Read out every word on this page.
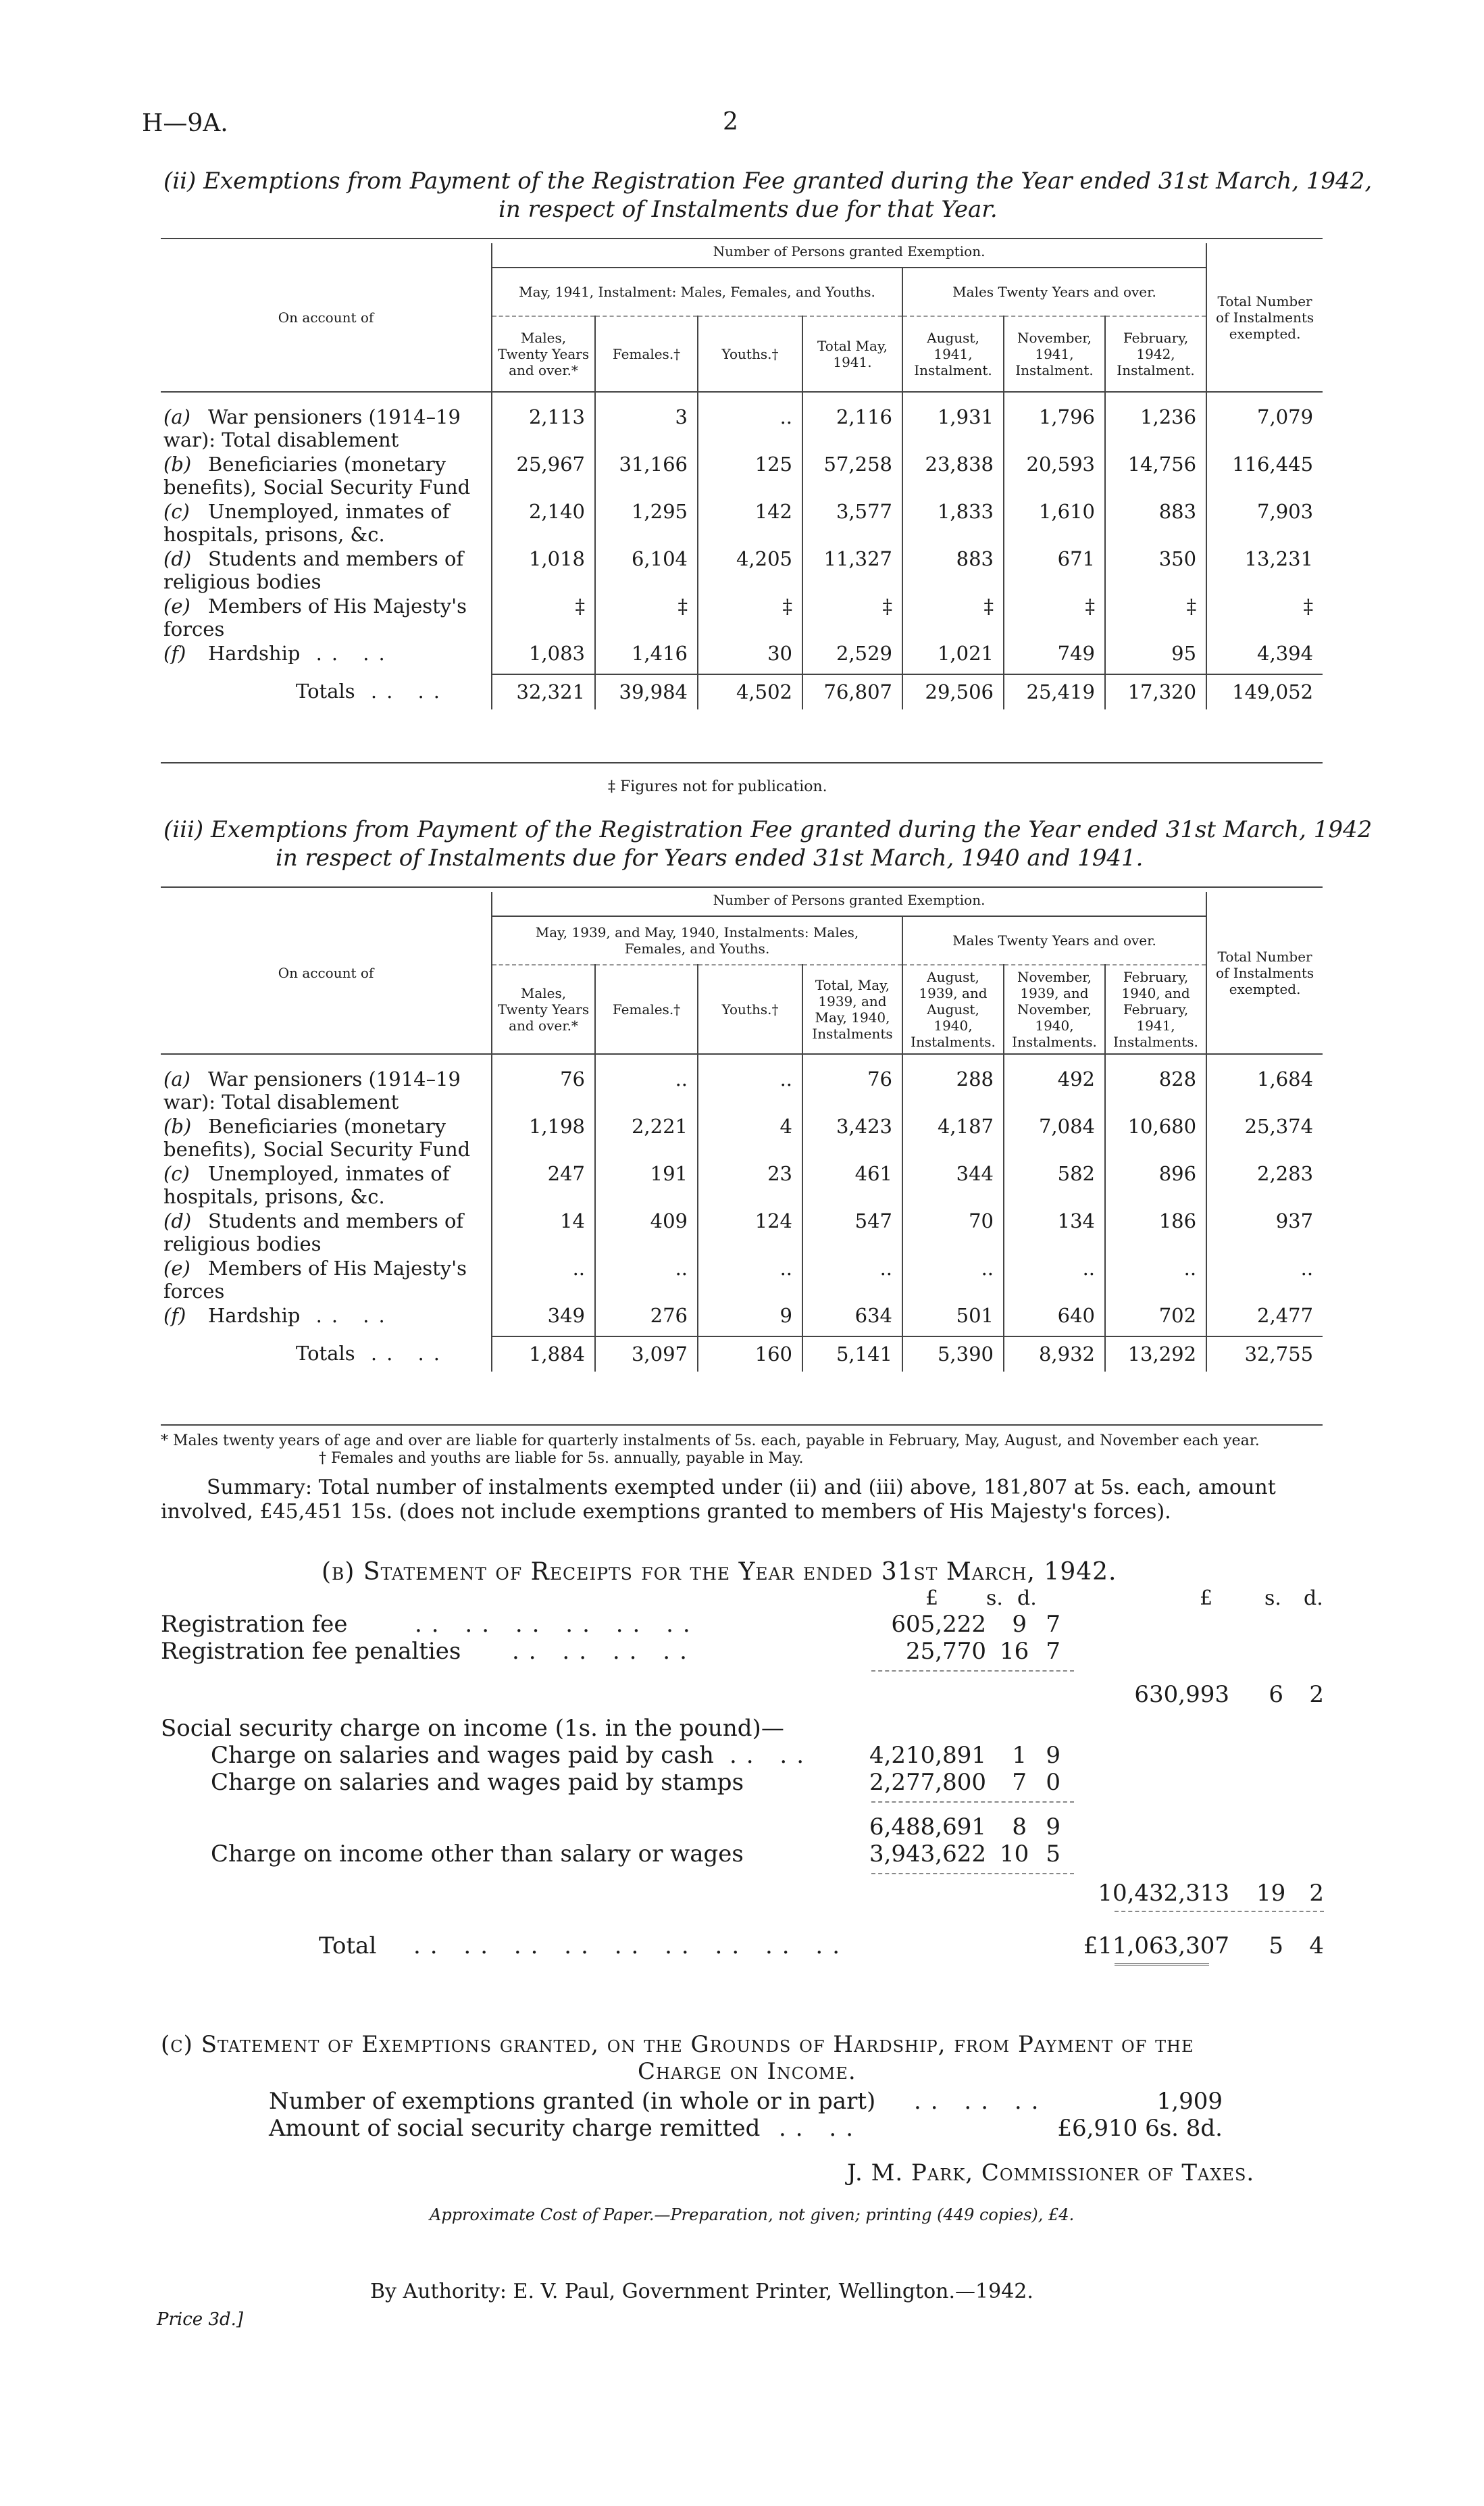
H—9A.	2
(ii) Exemptions from Payment of the Registration Fee granted during the Year ended 31st March, 1942,
in respect of Instalments due for that Year.
On account of	Number of Persons granted Exemption.							Total Number of Instalments exempted.
	May, 1941, Instalment: Males, Females, and Youths.				Males Twenty Years and over.			
	Males, Twenty Years and over.*	Females.†	Youths.†	Total May, 1941.	August, 1941, Instalment.	November, 1941, Instalment.	February, 1942, Instalment.	

(a) War pensioners (1914–19 war): Total disablement	2,113	3	..	2,116	1,931	1,796	1,236	7,079
(b) Beneficiaries (monetary benefits), Social Security Fund	25,967	31,166	125	57,258	23,838	20,593	14,756	116,445
(c) Unemployed, inmates of hospitals, prisons, &c.	2,140	1,295	142	3,577	1,833	1,610	883	7,903
(d) Students and members of religious bodies	1,018	6,104	4,205	11,327	883	671	350	13,231
(e) Members of His Majesty's forces	‡	‡	‡	‡	‡	‡	‡	‡
(f) Hardship .. ..	1,083	1,416	30	2,529	1,021	749	95	4,394
Totals .. ..	32,321	39,984	4,502	76,807	29,506	25,419	17,320	149,052
‡ Figures not for publication.
(iii) Exemptions from Payment of the Registration Fee granted during the Year ended 31st March, 1942
in respect of Instalments due for Years ended 31st March, 1940 and 1941.
On account of	Number of Persons granted Exemption.							Total Number of Instalments exempted.
	May, 1939, and May, 1940, Instalments: Males, Females, and Youths.				Males Twenty Years and over.			
	Males, Twenty Years and over.*	Females.†	Youths.†	Total, May, 1939, and May, 1940, Instalments	August, 1939, and August, 1940, Instalments.	November, 1939, and November, 1940, Instalments.	February, 1940, and February, 1941, Instalments.	

(a) War pensioners (1914–19 war): Total disablement	76	..	..	76	288	492	828	1,684
(b) Beneficiaries (monetary benefits), Social Security Fund	1,198	2,221	4	3,423	4,187	7,084	10,680	25,374
(c) Unemployed, inmates of hospitals, prisons, &c.	247	191	23	461	344	582	896	2,283
(d) Students and members of religious bodies	14	409	124	547	70	134	186	937
(e) Members of His Majesty's forces	..	..	..	..	..	..	..	..
(f) Hardship .. ..	349	276	9	634	501	640	702	2,477
Totals .. ..	1,884	3,097	160	5,141	5,390	8,932	13,292	32,755
* Males twenty years of age and over are liable for quarterly instalments of 5s. each, payable in February, May, August, and November each year.
† Females and youths are liable for 5s. annually, payable in May.
Summary: Total number of instalments exempted under (ii) and (iii) above, 181,807 at 5s. each, amount involved, £45,451 15s. (does not include exemptions granted to members of His Majesty's forces).
(b) Statement of Receipts for the Year ended 31st March, 1942.
£ s. d.	£	s. d.
Registration fee	.. .. .. .. .. ..	605,222	9 7
Registration fee penalties .. .. .. ..	25,770 16 7
630,993	6	2
Social security charge on income (1s. in the pound)—
Charge on salaries and wages paid by cash .. ..	4,210,891	1 9
Charge on salaries and wages paid by stamps	2,277,800	7 0
6,488,691	8 9
Charge on income other than salary or wages	3,943,622 10 5
10,432,313 19	2
Total .. .. .. .. .. .. .. .. ..	£11,063,307	5	4
(c) Statement of Exemptions granted, on the Grounds of Hardship, from Payment of the
Charge on Income.
Number of exemptions granted (in whole or in part) .. .. ..	1,909
Amount of social security charge remitted .. ..	£6,910 6s. 8d.
J. M. Park, Commissioner of Taxes.
Approximate Cost of Paper.—Preparation, not given; printing (449 copies), £4.
By Authority: E. V. Paul, Government Printer, Wellington.—1942.
Price 3d.]
